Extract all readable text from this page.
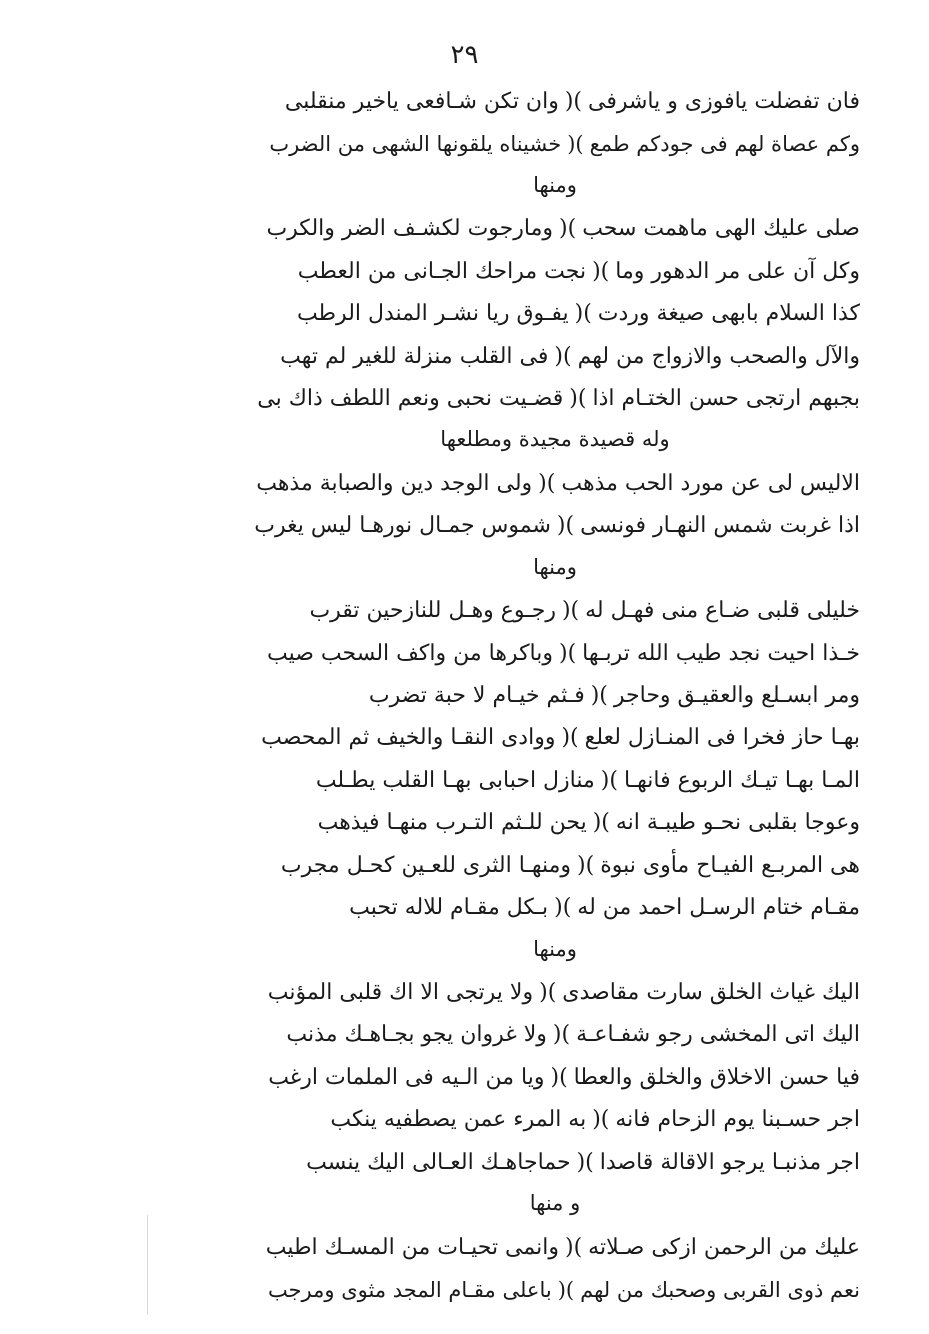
٢٩
فان تفضلت يافوزى و ياشرفى
)(
وان تكن شـافعى ياخير منقلبى
وكم عصاة لهم فى جودكم طمع
)(
خشيناه يلقونها الشهى من الضرب
ومنها
صلى عليك الهى ماهمت سحب
)(
ومارجوت لكشـف الضر والكرب
وكل آن على مر الدهور وما
)(
نجت مراحك الجـانى من العطب
كذا السلام بابهى صيغة وردت
)(
يفـوق ريا نشـر المندل الرطب
والآل والصحب والازواج من لهم
)(
فى القلب منزلة للغير لم تهب
بجبهم ارتجى حسن الختـام اذا
)(
قضـيت نحبى ونعم اللطف ذاك بى
وله قصيدة مجيدة ومطلعها
الاليس لى عن مورد الحب مذهب
)(
ولى الوجد دين والصبابة مذهب
اذا غربت شمس النهـار فونسى
)(
شموس جمـال نورهـا ليس يغرب
ومنها
خليلى قلبى ضـاع منى فهـل له
)(
رجـوع وهـل للنازحين تقرب
خـذا احيت نجد طيب الله تربـها
)(
وباكرها من واكف السحب صيب
ومر ابسـلع والعقيـق وحاجر
)(
فـثم خيـام لا حبة تضرب
بهـا حاز فخرا فى المنـازل لعلع
)(
ووادى النقـا والخيف ثم المحصب
المـا بهـا تيـك الربوع فانهـا
)(
منازل احبابى بهـا القلب يطـلب
وعوجا بقلبى نحـو طيبـة انه
)(
يحن للـثم التـرب منهـا فيذهب
هى المربـع الفيـاح مأوى نبوة
)(
ومنهـا الثرى للعـين كحـل مجرب
مقـام ختام الرسـل احمد من له
)(
بـكل مقـام للاله تحبب
ومنها
اليك غياث الخلق سارت مقاصدى
)(
ولا يرتجى الا اك قلبى المؤنب
اليك اتى المخشى رجو شفـاعـة
)(
ولا غروان يجو بجـاهـك مذنب
فيا حسن الاخلاق والخلق والعطا
)(
ويا من الـيه فى الملمات ارغب
اجر حسـبنا يوم الزحام فانه
)(
به المرء عمن يصطفيه ينكب
اجر مذنبـا يرجو الاقالة قاصدا
)(
حماجاهـك العـالى اليك ينسب
و منها
عليك من الرحمن ازكى صـلاته
)(
وانمى تحيـات من المسـك اطيب
نعم ذوى القربى وصحبك من لهم
)(
باعلى مقـام المجد مثوى ومرجب
